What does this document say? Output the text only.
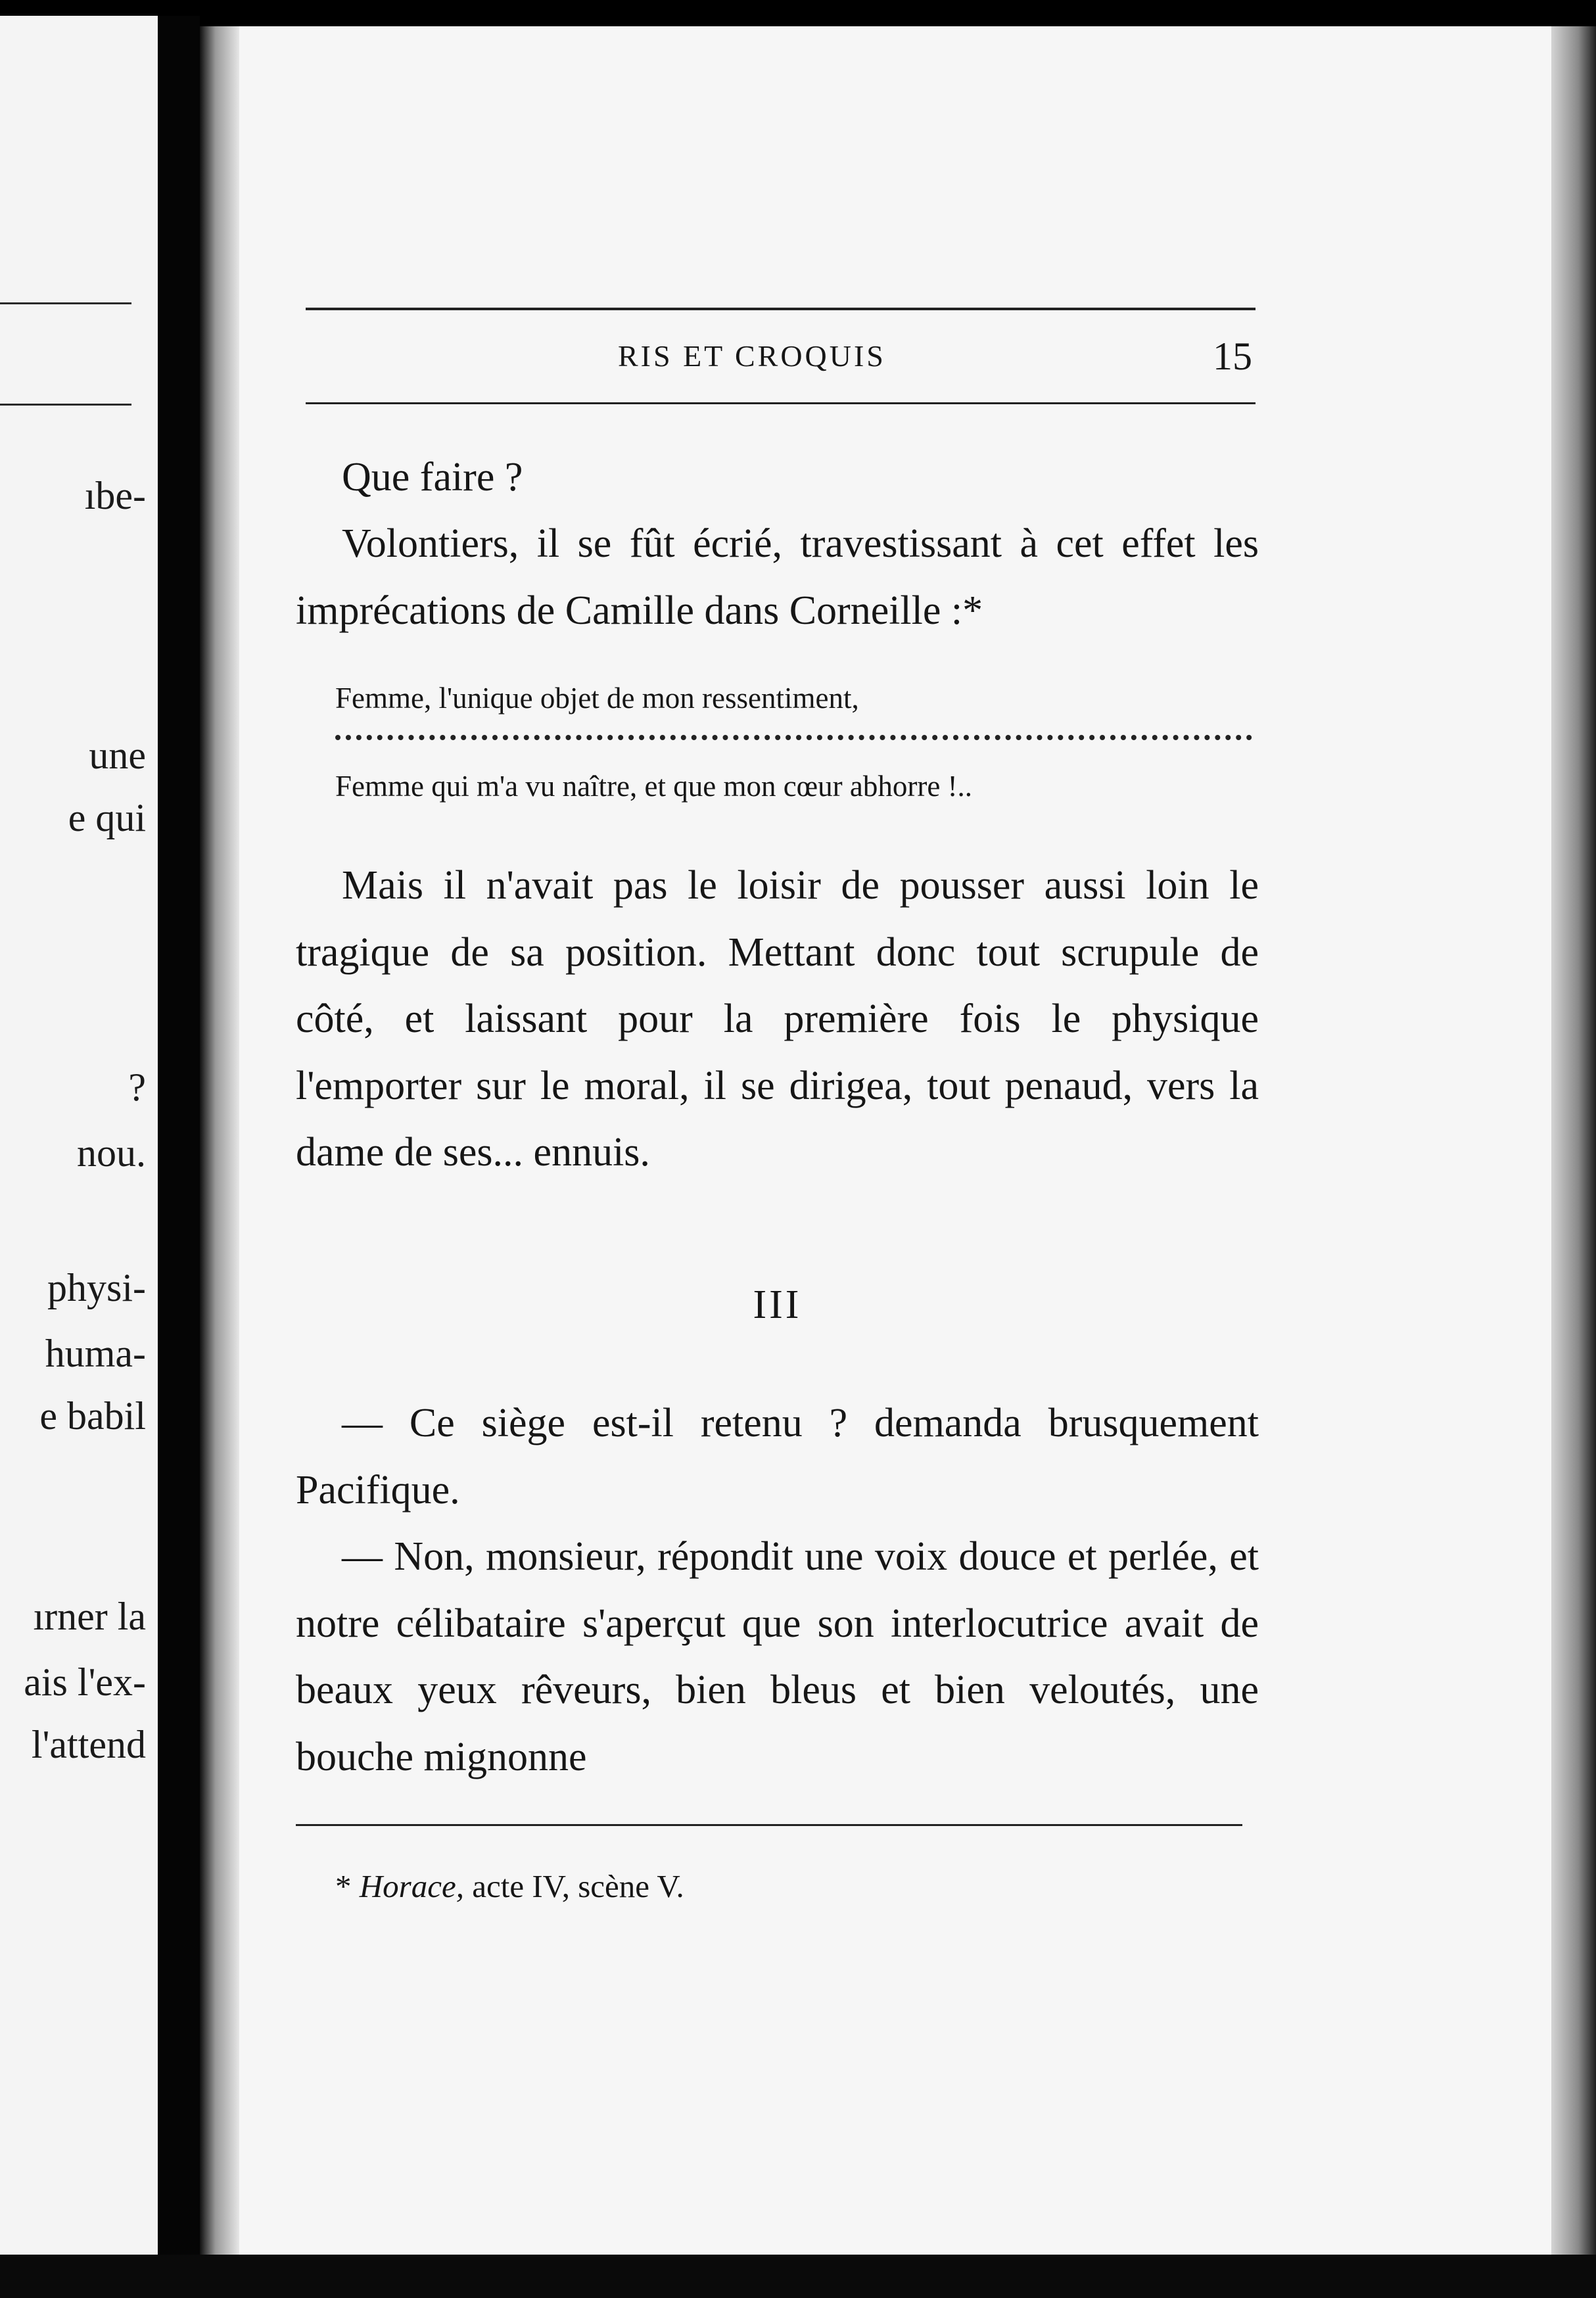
ıbe-
une
e qui
?
nou.
physi-
huma-
e babil
ırner la
ais l'ex-
l'attend
RIS ET CROQUIS	15
Que faire ?
Volontiers, il se fût écrié, travestissant à cet effet les imprécations de Camille dans Corneille :*
Femme, l'unique objet de mon ressentiment,
Femme qui m'a vu naître, et que mon cœur abhorre !..
Mais il n'avait pas le loisir de pousser aussi loin le tragique de sa position. Mettant donc tout scrupule de côté, et laissant pour la première fois le physique l'emporter sur le moral, il se dirigea, tout penaud, vers la dame de ses... ennuis.
III
— Ce siège est-il retenu ? demanda brusquement Pacifique.
— Non, monsieur, répondit une voix douce et perlée, et notre célibataire s'aperçut que son interlocutrice avait de beaux yeux rêveurs, bien bleus et bien veloutés, une bouche mignonne
* Horace, acte IV, scène V.
